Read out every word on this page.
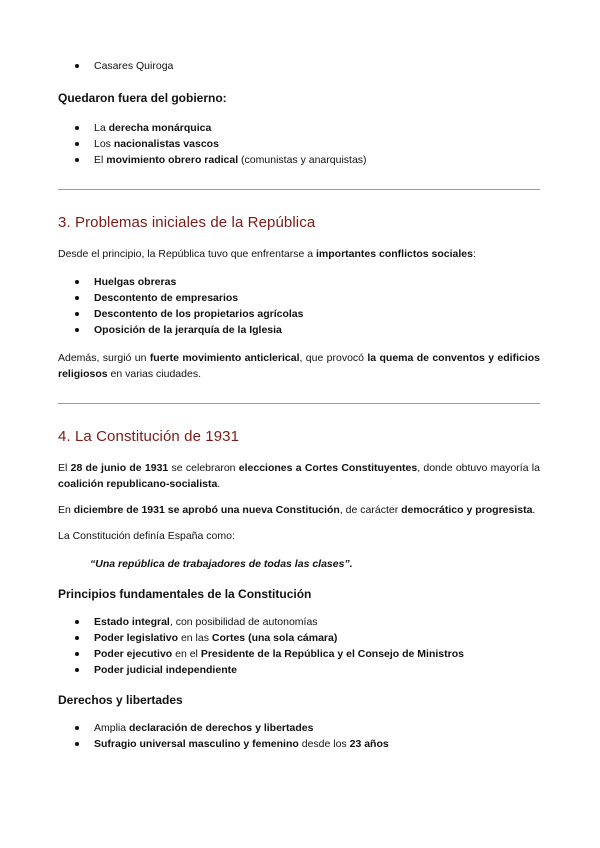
Casares Quiroga
Quedaron fuera del gobierno:
La derecha monárquica
Los nacionalistas vascos
El movimiento obrero radical (comunistas y anarquistas)
3. Problemas iniciales de la República

Desde el principio, la República tuvo que enfrentarse a importantes conflictos sociales:

Huelgas obreras
Descontento de empresarios
Descontento de los propietarios agrícolas
Oposición de la jerarquía de la Iglesia

Además, surgió un fuerte movimiento anticlerical, que provocó la quema de conventos y edificios religiosos en varias ciudades.

4. La Constitución de 1931

El 28 de junio de 1931 se celebraron elecciones a Cortes Constituyentes, donde obtuvo mayoría la coalición republicano-socialista.

En diciembre de 1931 se aprobó una nueva Constitución, de carácter democrático y progresista.

La Constitución definía España como:

“Una república de trabajadores de todas las clases”.

Principios fundamentales de la Constitución
Estado integral, con posibilidad de autonomías
Poder legislativo en las Cortes (una sola cámara)
Poder ejecutivo en el Presidente de la República y el Consejo de Ministros
Poder judicial independiente
Derechos y libertades
Amplia declaración de derechos y libertades
Sufragio universal masculino y femenino desde los 23 años
